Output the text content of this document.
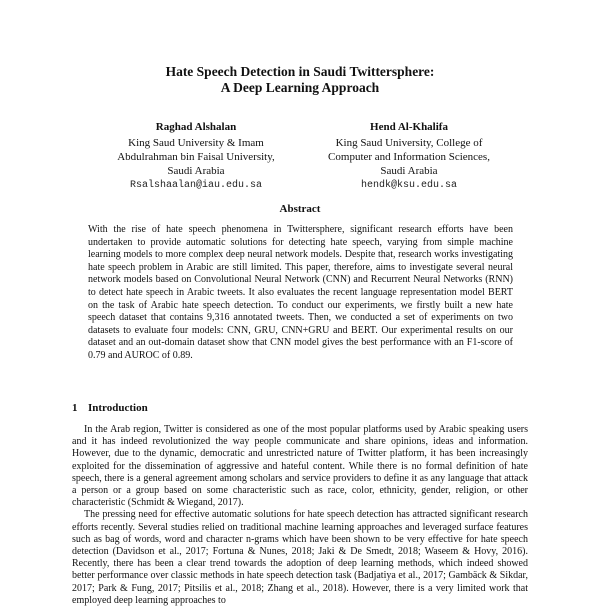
Hate Speech Detection in Saudi Twittersphere:
A Deep Learning Approach
Raghad Alshalan
King Saud University & Imam
Abdulrahman bin Faisal University,
Saudi Arabia
Rsalshaalan@iau.edu.sa
Hend Al-Khalifa
King Saud University, College of
Computer and Information Sciences,
Saudi Arabia
hendk@ksu.edu.sa
Abstract
With the rise of hate speech phenomena in Twittersphere, significant research efforts have been undertaken to provide automatic solutions for detecting hate speech, varying from simple machine learning models to more complex deep neural network models. Despite that, research works investigating hate speech problem in Arabic are still limited. This paper, therefore, aims to investigate several neural network models based on Convolutional Neural Network (CNN) and Recurrent Neural Networks (RNN) to detect hate speech in Arabic tweets. It also evaluates the recent language representation model BERT on the task of Arabic hate speech detection. To conduct our experiments, we firstly built a new hate speech dataset that contains 9,316 annotated tweets. Then, we conducted a set of experiments on two datasets to evaluate four models: CNN, GRU, CNN+GRU and BERT. Our experimental results on our dataset and an out-domain dataset show that CNN model gives the best performance with an F1-score of 0.79 and AUROC of 0.89.
1 Introduction

In the Arab region, Twitter is considered as one of the most popular platforms used by Arabic speaking users and it has indeed revolutionized the way people communicate and share opinions, ideas and information. However, due to the dynamic, democratic and unrestricted nature of Twitter platform, it has been increasingly exploited for the dissemination of aggressive and hateful content. While there is no formal definition of hate speech, there is a general agreement among scholars and service providers to define it as any language that attack a person or a group based on some characteristic such as race, color, ethnicity, gender, religion, or other characteristic (Schmidt & Wiegand, 2017).

The pressing need for effective automatic solutions for hate speech detection has attracted significant research efforts recently. Several studies relied on traditional machine learning approaches and leveraged surface features such as bag of words, word and character n-grams which have been shown to be very effective for hate speech detection (Davidson et al., 2017; Fortuna & Nunes, 2018; Jaki & De Smedt, 2018; Waseem & Hovy, 2016). Recently, there has been a clear trend towards the adoption of deep learning methods, which indeed showed better performance over classic methods in hate speech detection task (Badjatiya et al., 2017; Gambäck & Sikdar, 2017; Park & Fung, 2017; Pitsilis et al., 2018; Zhang et al., 2018). However, there is a very limited work that employed deep learning approaches to
